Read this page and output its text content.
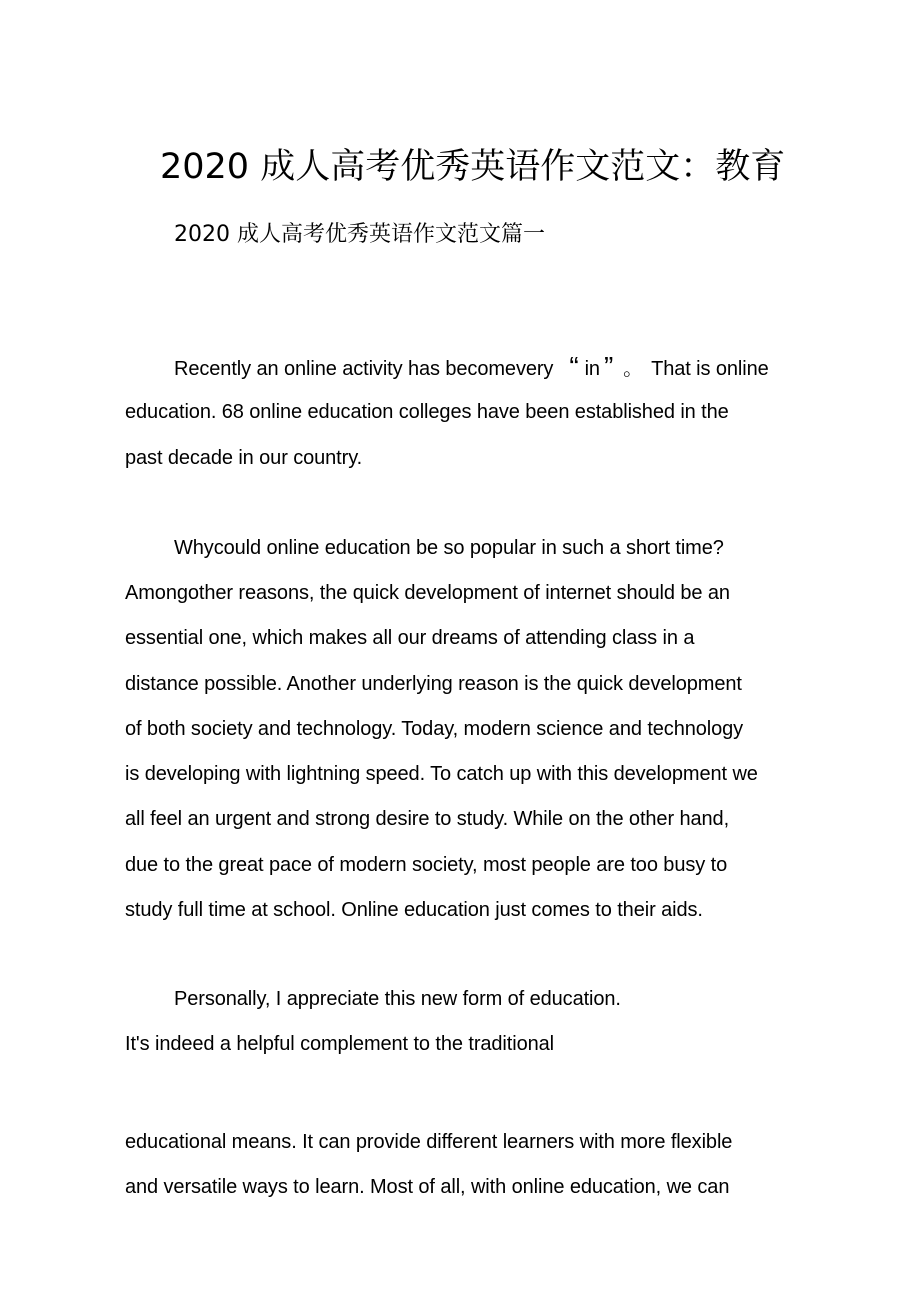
2020 成人高考优秀英语作文范文：教育
2020 成人高考优秀英语作文范文篇一
Recently an online activity has becomevery “ in ” 。 That is online
education. 68 online education colleges have been established in the
past decade in our country.
Whycould online education be so popular in such a short time?
Amongother reasons, the quick development of internet should be an
essential one, which makes all our dreams of attending class in a
distance possible. Another underlying reason is the quick development
of both society and technology. Today, modern science and technology
is developing with lightning speed. To catch up with this development we
all feel an urgent and strong desire to study. While on the other hand,
due to the great pace of modern society, most people are too busy to
study full time at school. Online education just comes to their aids.
Personally, I appreciate this new form of education.
It's indeed a helpful complement to the traditional
educational means. It can provide different learners with more flexible
and versatile ways to learn. Most of all, with online education, we can
